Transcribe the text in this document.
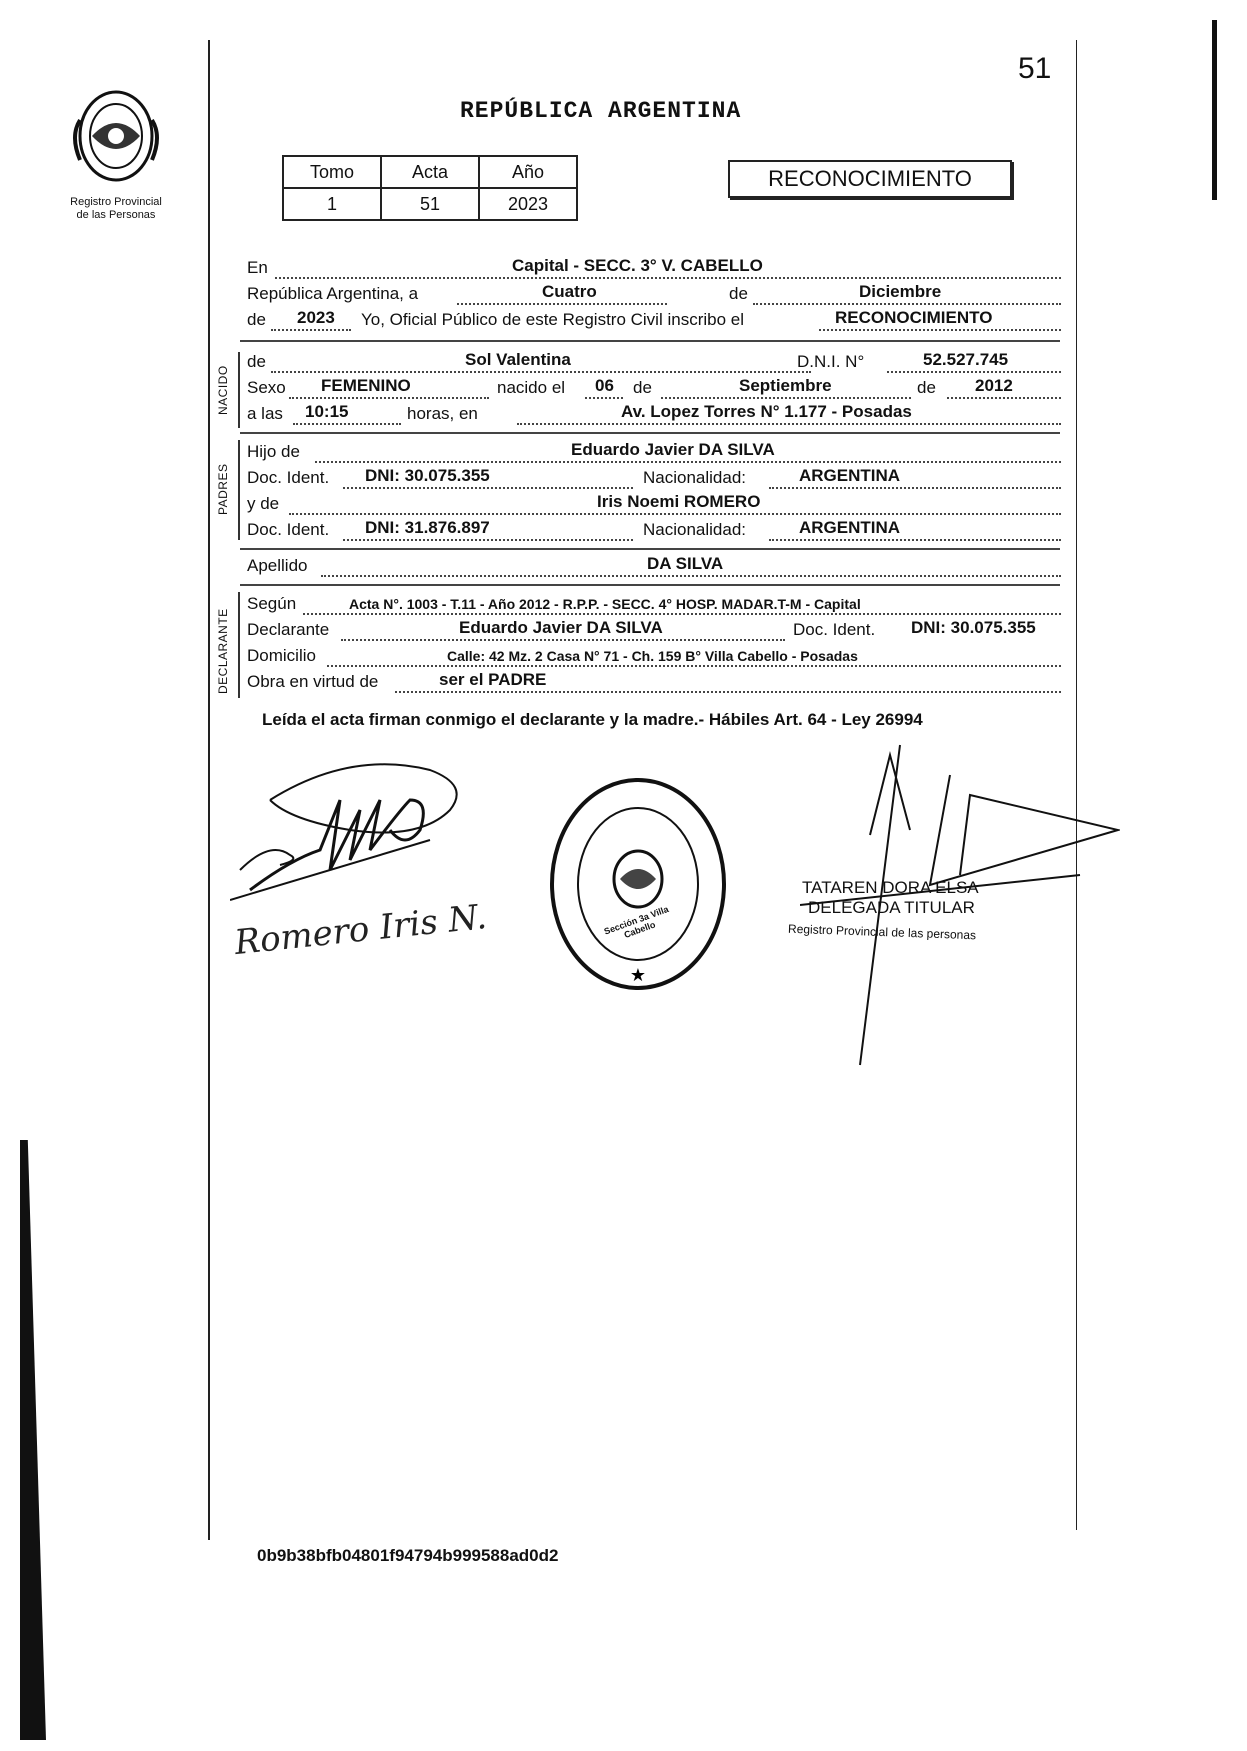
Registro Provincial
de las Personas
51
REPÚBLICA ARGENTINA
Tomo	Acta	Año
1	51	2023
RECONOCIMIENTO
En	Capital - SECC. 3° V. CABELLO
República Argentina, a	Cuatro	de	Diciembre
de 2023 Yo, Oficial Público de este Registro Civil inscribo el	RECONOCIMIENTO
NACIDO
de	Sol Valentina	D.N.I. N°	52.527.745
Sexo FEMENINO	nacido el 06 de	Septiembre	de 2012
a las 10:15	horas, en	Av. Lopez Torres N° 1.177 - Posadas
PADRES
Hijo de	Eduardo Javier DA SILVA
Doc. Ident. DNI: 30.075.355	Nacionalidad:	ARGENTINA
y de	Iris Noemi ROMERO
Doc. Ident. DNI: 31.876.897	Nacionalidad:	ARGENTINA
Apellido	DA SILVA
DECLARANTE
Según	Acta N°. 1003 - T.11 - Año 2012 - R.P.P. - SECC. 4° HOSP. MADAR.T-M - Capital
Declarante	Eduardo Javier DA SILVA	Doc. Ident. DNI: 30.075.355
Domicilio	Calle: 42 Mz. 2 Casa N° 71 - Ch. 159 B° Villa Cabello - Posadas
Obra en virtud de	ser el PADRE
Leída el acta firman conmigo el declarante y la madre.- Hábiles Art. 64 - Ley 26994
Romero Iris N.
★
Sección 3a Villa Cabello
TATAREN DORA ELSA
DELEGADA TITULAR
Registro Provincial de las personas
0b9b38bfb04801f94794b999588ad0d2
